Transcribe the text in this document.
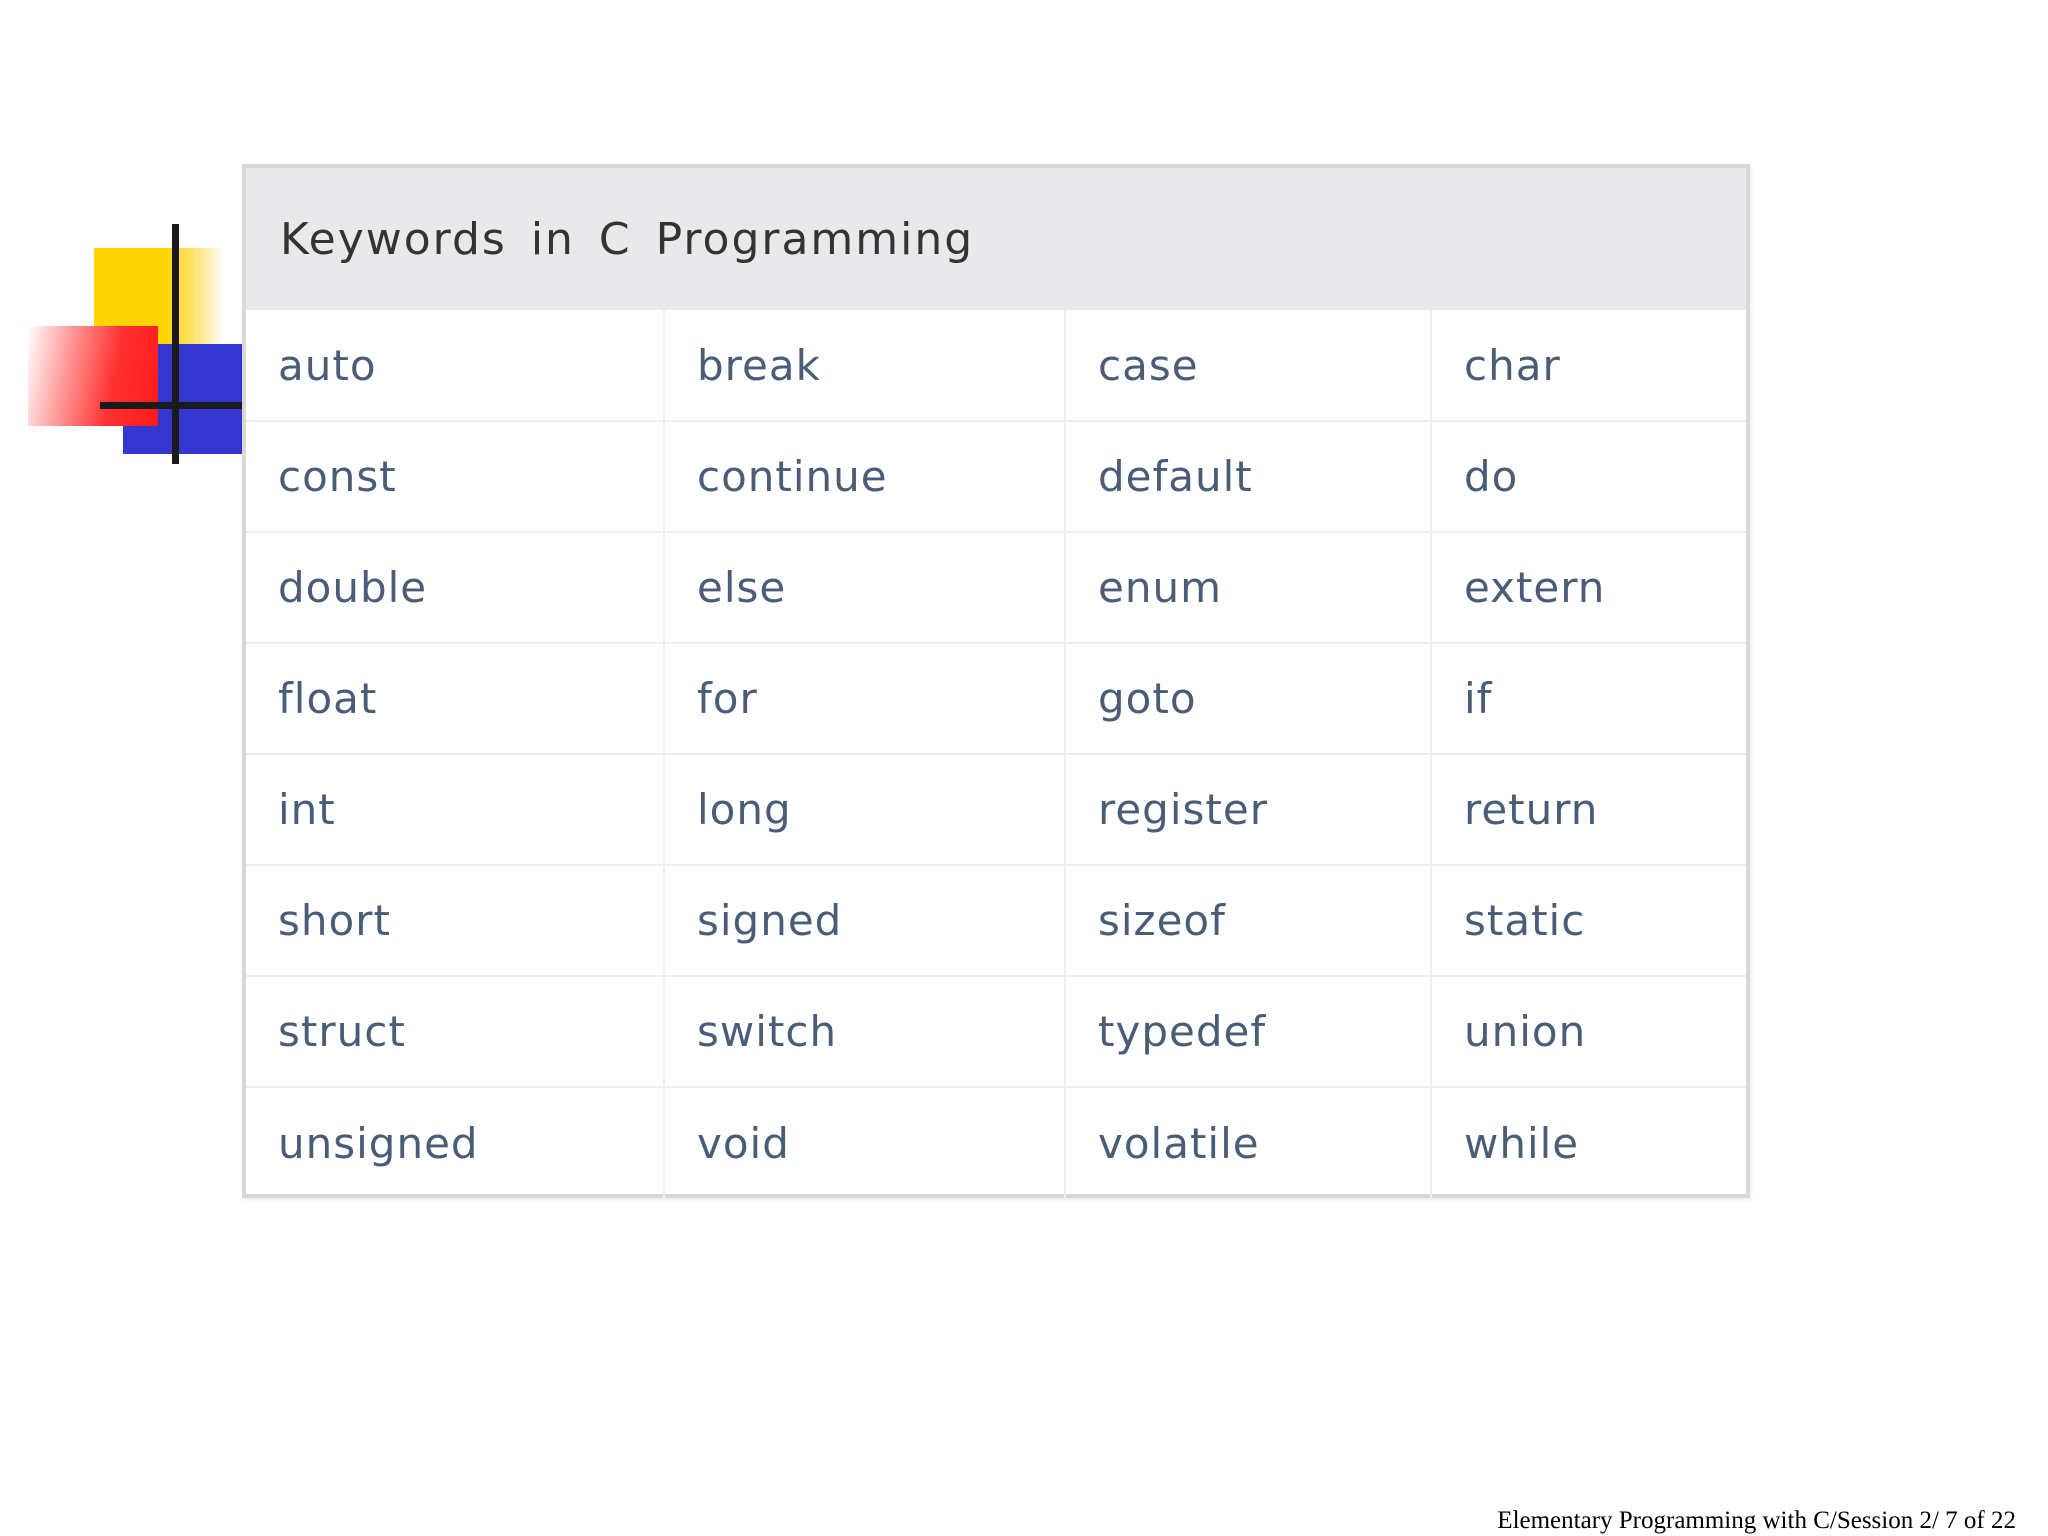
Keywords in C Programming
auto	break	case	char
const	continue	default	do
double	else	enum	extern
float	for	goto	if
int	long	register	return
short	signed	sizeof	static
struct	switch	typedef	union
unsigned	void	volatile	while
Elementary Programming with C/Session 2/ 7 of 22
